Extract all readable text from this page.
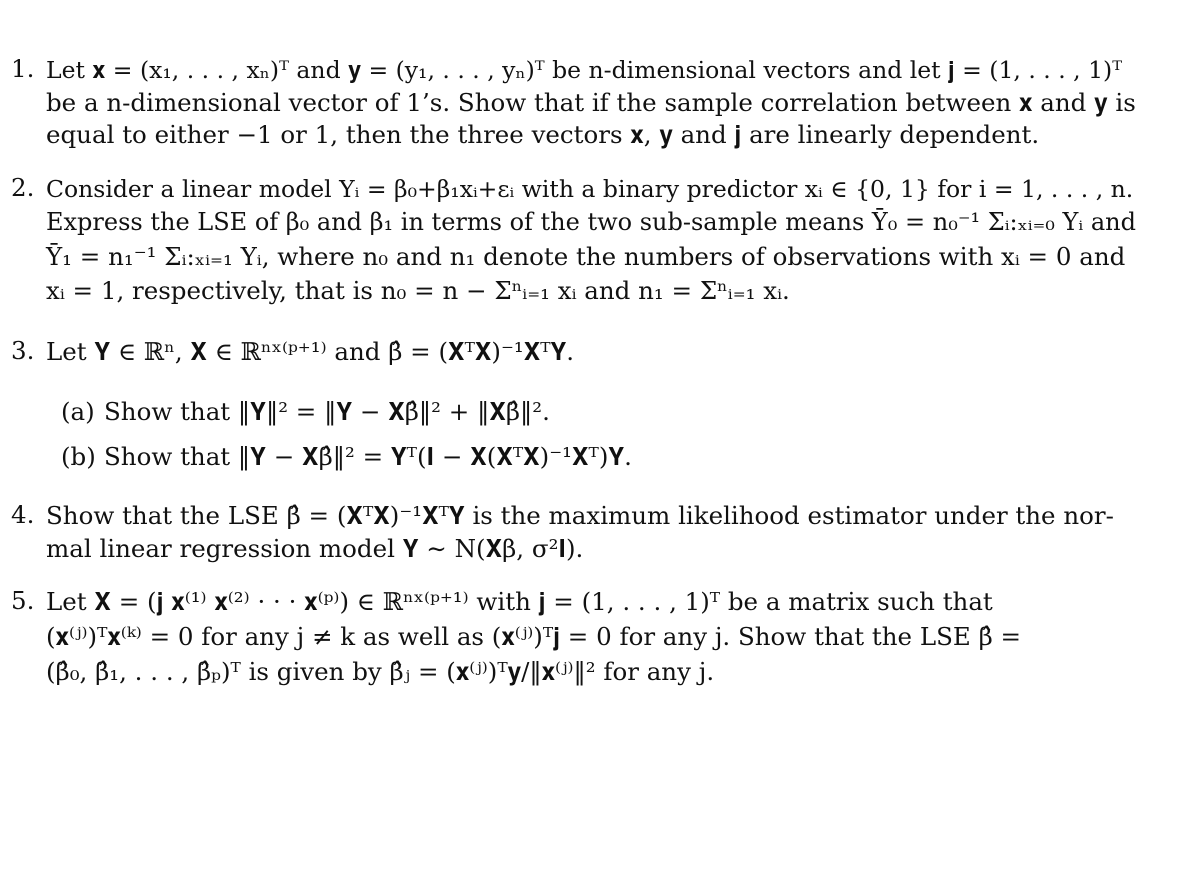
1. Let 𝐱 = (x₁, . . . , xₙ)ᵀ and 𝐲 = (y₁, . . . , yₙ)ᵀ be n-dimensional vectors and let 𝐣 = (1, . . . , 1)ᵀ
be a n-dimensional vector of 1’s. Show that if the sample correlation between 𝐱 and 𝐲 is
equal to either −1 or 1, then the three vectors 𝐱, 𝐲 and 𝐣 are linearly dependent.
2. Consider a linear model Yᵢ = β₀+β₁xᵢ+εᵢ with a binary predictor xᵢ ∈ {0, 1} for i = 1, . . . , n.
Express the LSE of β₀ and β₁ in terms of the two sub-sample means Ȳ₀ = n₀⁻¹ Σᵢ:ₓᵢ₌₀ Yᵢ and
Ȳ₁ = n₁⁻¹ Σᵢ:ₓᵢ₌₁ Yᵢ, where n₀ and n₁ denote the numbers of observations with xᵢ = 0 and
xᵢ = 1, respectively, that is n₀ = n − Σⁿᵢ₌₁ xᵢ and n₁ = Σⁿᵢ₌₁ xᵢ.
3. Let 𝐘 ∈ ℝⁿ, 𝐗 ∈ ℝⁿˣ⁽ᵖ⁺¹⁾ and β̂ = (𝐗ᵀ𝐗)⁻¹𝐗ᵀ𝐘.
(a) Show that ‖𝐘‖² = ‖𝐘 − 𝐗β̂‖² + ‖𝐗β̂‖².
(b) Show that ‖𝐘 − 𝐗β̂‖² = 𝐘ᵀ(𝐈 − 𝐗(𝐗ᵀ𝐗)⁻¹𝐗ᵀ)𝐘.
4. Show that the LSE β̂ = (𝐗ᵀ𝐗)⁻¹𝐗ᵀ𝐘 is the maximum likelihood estimator under the nor-
mal linear regression model 𝐘 ∼ N(𝐗β, σ²𝐈).
5. Let 𝐗 = (𝐣 𝐱⁽¹⁾ 𝐱⁽²⁾ · · · 𝐱⁽ᵖ⁾) ∈ ℝⁿˣ⁽ᵖ⁺¹⁾ with 𝐣 = (1, . . . , 1)ᵀ be a matrix such that
(𝐱⁽ʲ⁾)ᵀ𝐱⁽ᵏ⁾ = 0 for any j ≠ k as well as (𝐱⁽ʲ⁾)ᵀ𝐣 = 0 for any j. Show that the LSE β̂ =
(β̂₀, β̂₁, . . . , β̂ₚ)ᵀ is given by β̂ⱼ = (𝐱⁽ʲ⁾)ᵀ𝐲/‖𝐱⁽ʲ⁾‖² for any j.
